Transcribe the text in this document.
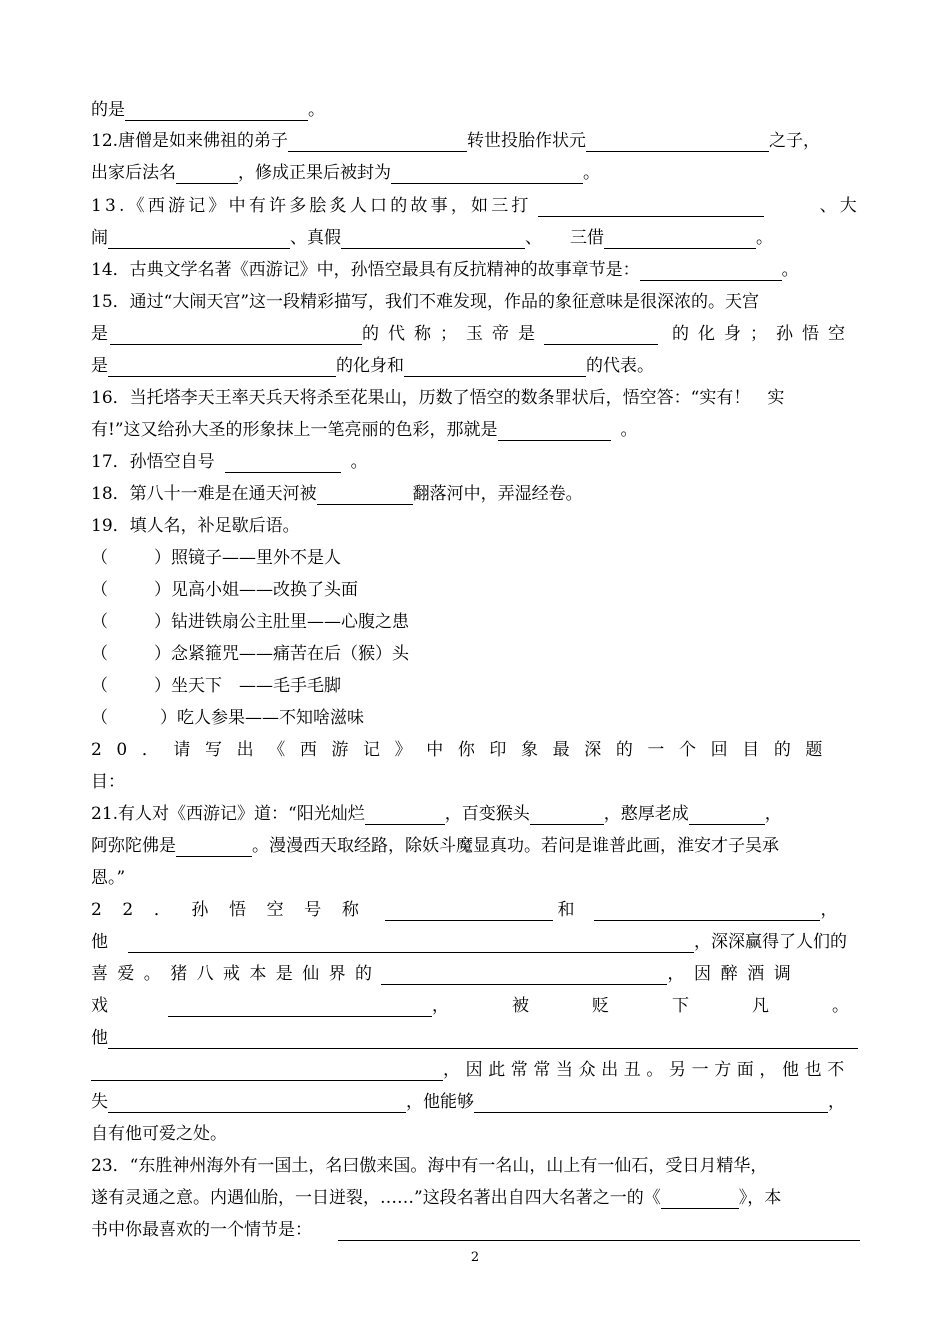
的是	。
12.唐僧是如来佛祖的弟子	转世投胎作状元	之子，
出家后法名	，修成正果后被封为	。
13.《西游记》中有许多脍炙人口的故事，如三打	、大
闹	、真假	、 三借	。
14．古典文学名著《西游记》中，孙悟空最具有反抗精神的故事章节是：	。
15．通过“大闹天宫”这一段精彩描写，我们不难发现，作品的象征意味是很深浓的。天宫
是	的代称；玉帝是	的化身；孙悟空
是	的化身和	的代表。
16．当托塔李天王率天兵天将杀至花果山，历数了悟空的数条罪状后，悟空答：“实有！　实
有!”这又给孙大圣的形象抹上一笔亮丽的色彩，那就是	。
17．孙悟空自号	。
18．第八十一难是在通天河被	翻落河中，弄湿经卷。
19．填人名，补足歇后语。
（	） 照镜子——里外不是人
（	） 见高小姐——改换了头面
（	） 钻进铁扇公主肚里——心腹之患
（	） 念紧箍咒——痛苦在后（猴）头
（	） 坐天下　——毛手毛脚
（	） 吃人参果——不知啥滋味
20．请写出《西游记》中你印象最深的一个回目的题
目：
21.有人对《西游记》道：“阳光灿烂	，百变猴头	，憨厚老成	，
阿弥陀佛是	。漫漫西天取经路，除妖斗魔显真功。若问是谁普此画，淮安才子吴承
恩。”
22．孙悟空号称	和	，
他	，深深赢得了人们的
喜爱。猪八戒本是仙界的	，因醉酒调
戏	，被贬下凡。
他
，因此常常当众出丑。另一方面，他也不
失	，他能够	，
自有他可爱之处。
23．“东胜神州海外有一国土，名曰傲来国。海中有一名山，山上有一仙石，受日月精华，
遂有灵通之意。内遇仙胎，一日迸裂，……”这段名著出自四大名著之一的《	》，本
书中你最喜欢的一个情节是：
2
